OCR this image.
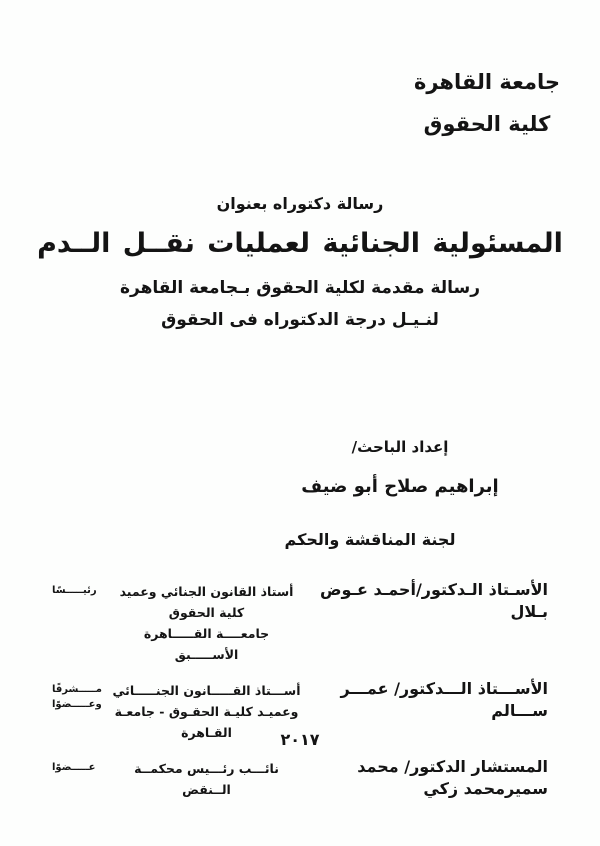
جامعة القاهرة
كلية الحقوق
رسالة دكتوراه بعنوان
المسئولية الجنائية لعمليات نقــل الــدم
رسالة مقدمة لكلية الحقوق بـجامعة القاهرة
لنـيـل درجة الدكتوراه فى الحقوق
إعداد الباحث/
إبراهيم صلاح أبو ضيف
لجنة المناقشة والحكم
الأسـتاذ الـدكتور/أحمـد عـوض بـلال
أستاذ القانون الجنائي وعميد كلية الحقوق
جامعــــة القـــــاهرة الأســـــبق
رئيـــــسًا
الأســـتاذ الـــدكتور/ عمـــر ســـالم
أســـتاذ القـــــانون الجنـــــائي
وعميـد كليـة الحقـوق - جامعـة القـاهرة
مـــــشرفًا
وعـــــضوًا
المستشار الدكتور/ محمد سميرمحمد زكي
نائـــب رئـــيس محكمــة الــنقض
عـــــضوًا
٢٠١٧
